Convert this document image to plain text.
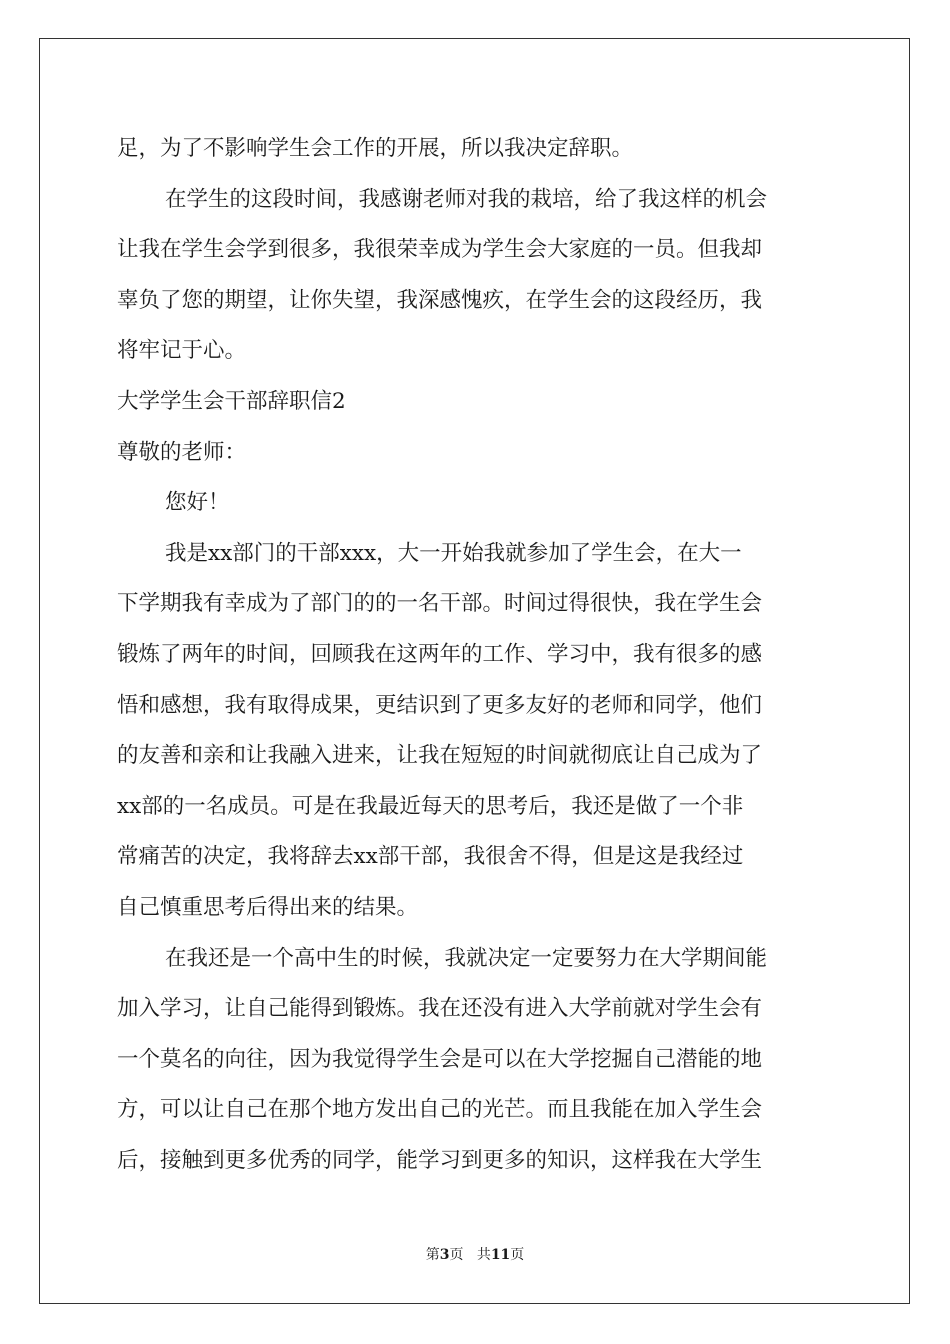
足，为了不影响学生会工作的开展，所以我决定辞职。
在学生的这段时间，我感谢老师对我的栽培，给了我这样的机会
让我在学生会学到很多，我很荣幸成为学生会大家庭的一员。但我却
辜负了您的期望，让你失望，我深感愧疚，在学生会的这段经历，我
将牢记于心。
大学学生会干部辞职信2
尊敬的老师：
您好！
我是xx部门的干部xxx，大一开始我就参加了学生会，在大一
下学期我有幸成为了部门的的一名干部。时间过得很快，我在学生会
锻炼了两年的时间，回顾我在这两年的工作、学习中，我有很多的感
悟和感想，我有取得成果，更结识到了更多友好的老师和同学，他们
的友善和亲和让我融入进来，让我在短短的时间就彻底让自己成为了
xx部的一名成员。可是在我最近每天的思考后，我还是做了一个非
常痛苦的决定，我将辞去xx部干部，我很舍不得，但是这是我经过
自己慎重思考后得出来的结果。
在我还是一个高中生的时候，我就决定一定要努力在大学期间能
加入学习，让自己能得到锻炼。我在还没有进入大学前就对学生会有
一个莫名的向往，因为我觉得学生会是可以在大学挖掘自己潜能的地
方，可以让自己在那个地方发出自己的光芒。而且我能在加入学生会
后，接触到更多优秀的同学，能学习到更多的知识，这样我在大学生
第3页 共11页
